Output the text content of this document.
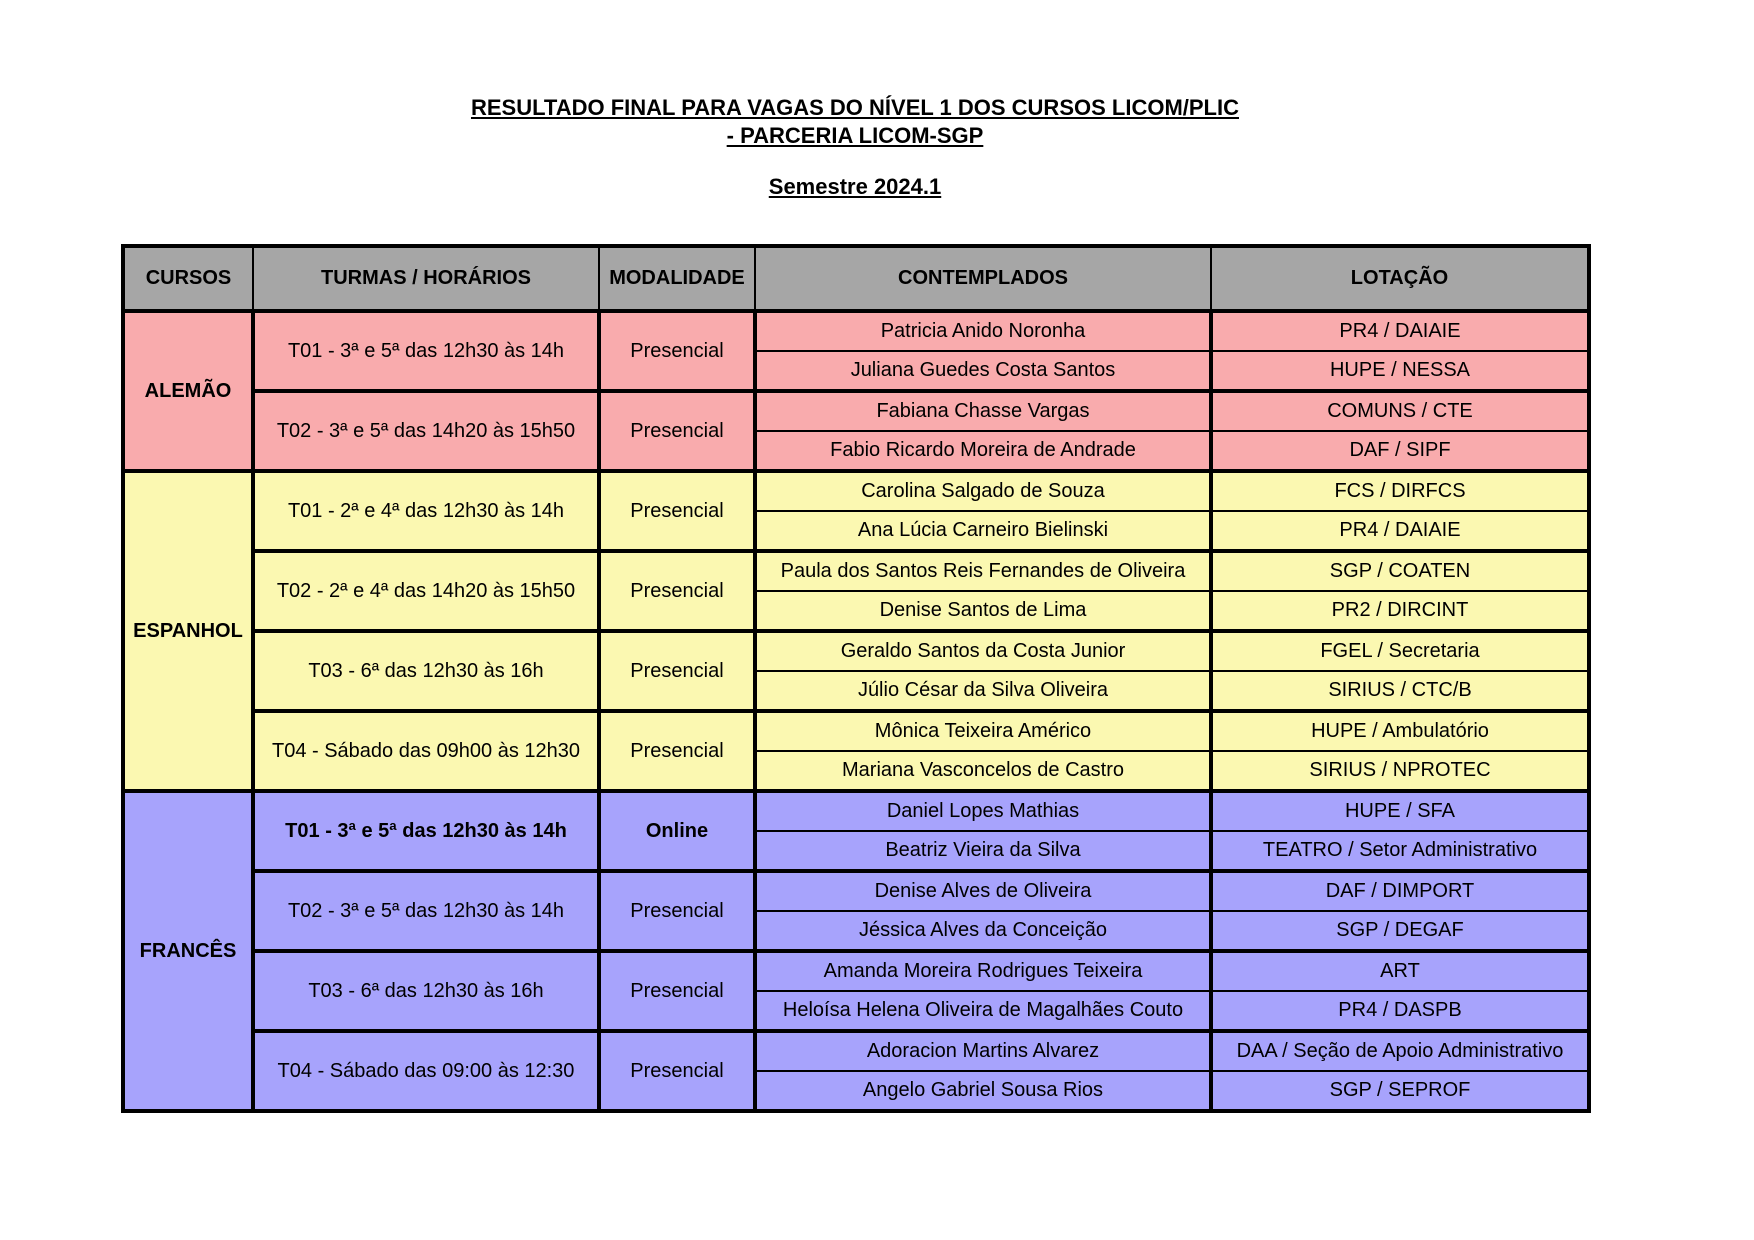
RESULTADO FINAL PARA VAGAS DO NÍVEL 1 DOS CURSOS LICOM/PLIC
- PARCERIA LICOM-SGP
Semestre 2024.1
CURSOS	TURMAS / HORÁRIOS	MODALIDADE	CONTEMPLADOS	LOTAÇÃO
ALEMÃO	T01 - 3ª e 5ª das 12h30 às 14h	Presencial	Patricia Anido Noronha	PR4 / DAIAIE
			Juliana Guedes Costa Santos	HUPE / NESSA
	T02 - 3ª e 5ª das 14h20 às 15h50	Presencial	Fabiana Chasse Vargas	COMUNS / CTE
			Fabio Ricardo Moreira de Andrade	DAF / SIPF
ESPANHOL	T01 - 2ª e 4ª das 12h30 às 14h	Presencial	Carolina Salgado de Souza	FCS / DIRFCS
			Ana Lúcia Carneiro Bielinski	PR4 / DAIAIE
	T02 - 2ª e 4ª das 14h20 às 15h50	Presencial	Paula dos Santos Reis Fernandes de Oliveira	SGP / COATEN
			Denise Santos de Lima	PR2 / DIRCINT
	T03 - 6ª das 12h30 às 16h	Presencial	Geraldo Santos da Costa Junior	FGEL / Secretaria
			Júlio César da Silva Oliveira	SIRIUS / CTC/B
	T04 - Sábado das 09h00 às 12h30	Presencial	Mônica Teixeira Américo	HUPE / Ambulatório
			Mariana Vasconcelos de Castro	SIRIUS / NPROTEC
FRANCÊS	T01 - 3ª e 5ª das 12h30 às 14h	Online	Daniel Lopes Mathias	HUPE / SFA
			Beatriz Vieira da Silva	TEATRO / Setor Administrativo
	T02 - 3ª e 5ª das 12h30 às 14h	Presencial	Denise Alves de Oliveira	DAF / DIMPORT
			Jéssica Alves da Conceição	SGP / DEGAF
	T03 - 6ª das 12h30 às 16h	Presencial	Amanda Moreira Rodrigues Teixeira	ART
			Heloísa Helena Oliveira de Magalhães Couto	PR4 / DASPB
	T04 - Sábado das 09:00 às 12:30	Presencial	Adoracion Martins Alvarez	DAA / Seção de Apoio Administrativo
			Angelo Gabriel Sousa Rios	SGP / SEPROF
